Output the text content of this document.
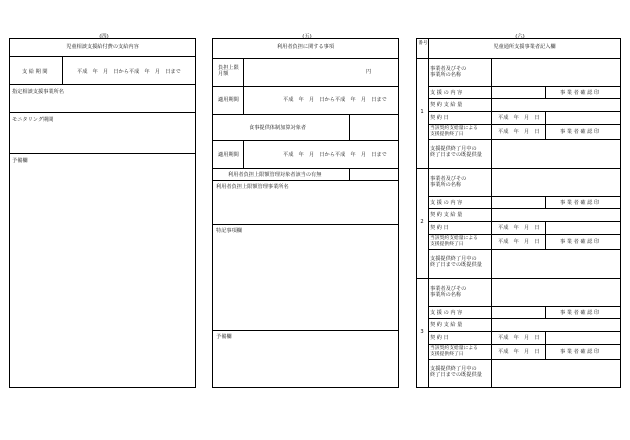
(四)	(五)	(六)
児童相談支援給付費の支給内容
支給期間	平成　年　月　日から平成　年　月　日まで
指定相談支援事業所名
モニタリング期間
予備欄
利用者負担に関する事項
負担上限
月額	円
適用期間	平成　年　月　日から平成　年　月　日まで
食事提供体制加算対象者
適用期間	平成　年　月　日から平成　年　月　日まで
利用者負担上限額管理対象者該当の有無
利用者負担上限額管理事業所名
特記事項欄
予備欄
番号
児童通所支援事業者記入欄
1
事業者及びその
事業所の名称
支援の内容	事業者確認印
契約支給量
契約日	平成　年　月　日
当該契約支給量による
支援提供終了日	平成　年　月　日	事業者確認印
支援提供終了月中の
終了日までの既提供量
2
事業者及びその
事業所の名称
支援の内容	事業者確認印
契約支給量
契約日	平成　年　月　日
当該契約支給量による
支援提供終了日	平成　年　月　日	事業者確認印
支援提供終了月中の
終了日までの既提供量
3
事業者及びその
事業所の名称
支援の内容	事業者確認印
契約支給量
契約日	平成　年　月　日
当該契約支給量による
支援提供終了日	平成　年　月　日	事業者確認印
支援提供終了月中の
終了日までの既提供量
